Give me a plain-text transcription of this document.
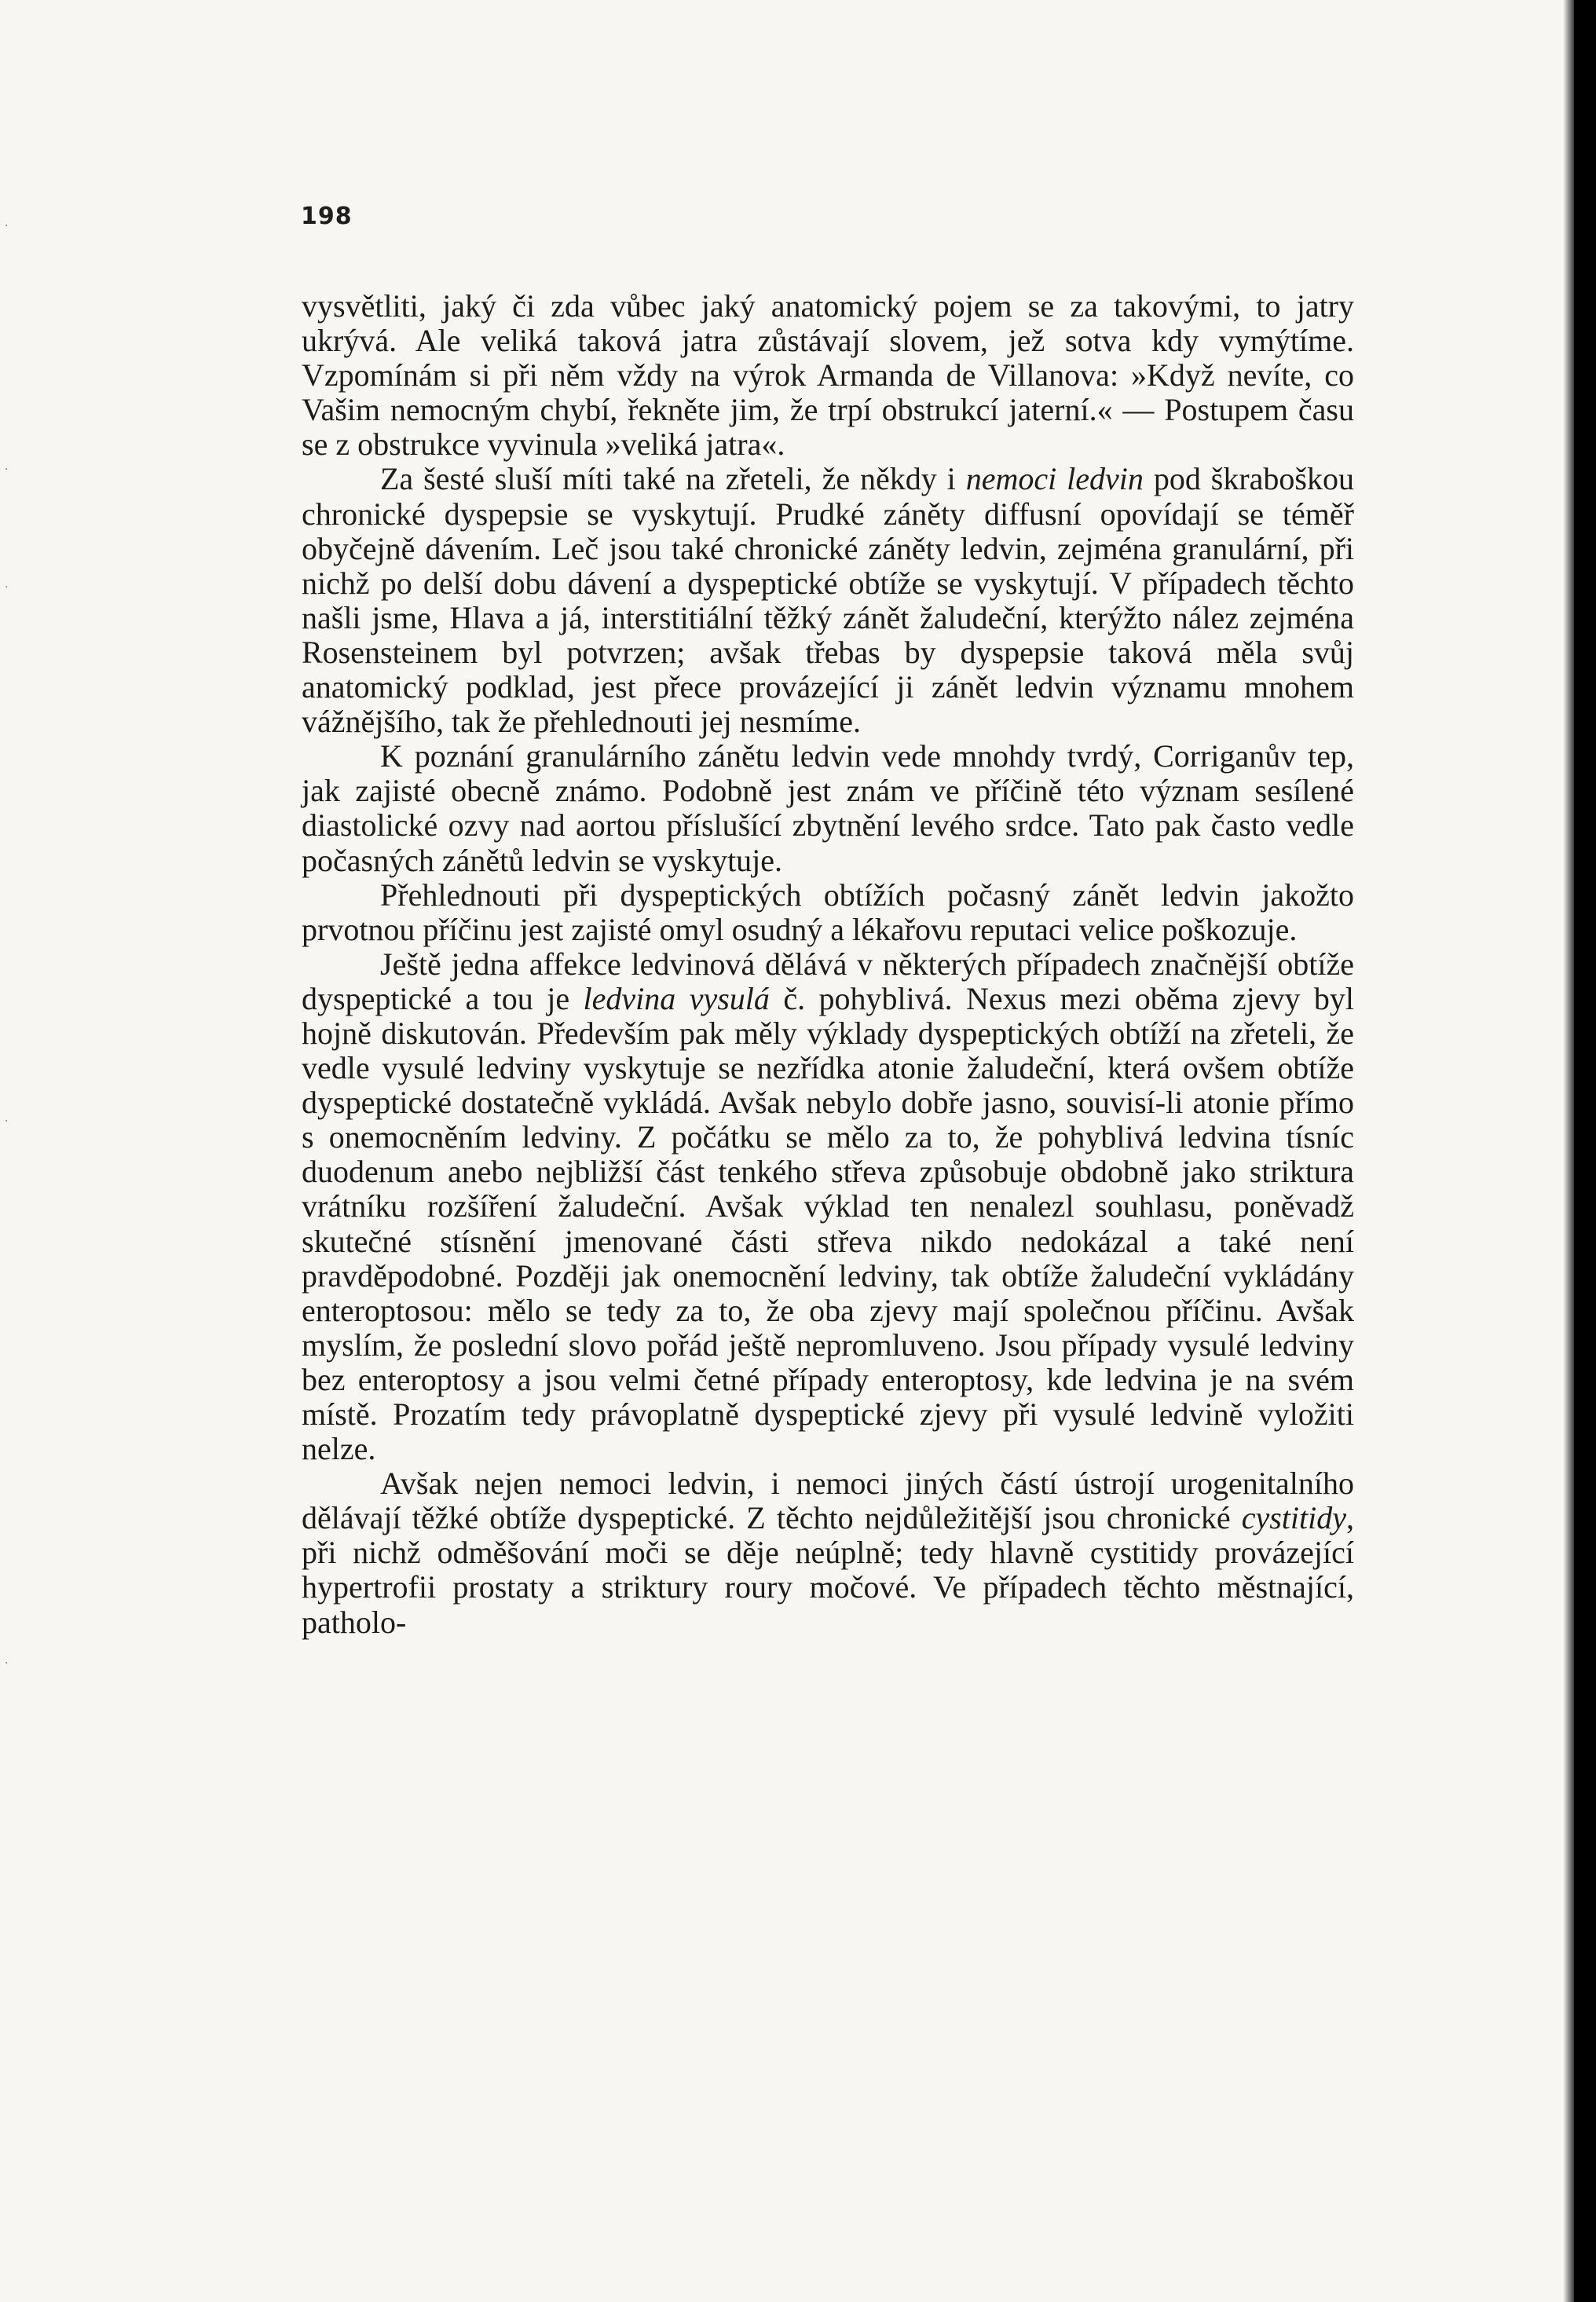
·
·
·
·
·
198

vysvětliti, jaký či zda vůbec jaký anatomický pojem se za takovými, to jatry ukrývá. Ale veliká taková jatra zůstávají slovem, jež sotva kdy vymýtíme. Vzpomínám si při něm vždy na výrok Armanda de Villanova: »Když nevíte, co Vašim nemocným chybí, řekněte jim, že trpí obstrukcí jaterní.« — Postupem času se z obstrukce vyvinula »veliká jatra«.

Za šesté sluší míti také na zřeteli, že někdy i nemoci ledvin pod škraboškou chronické dyspepsie se vyskytují. Prudké záněty diffusní opovídají se téměř obyčejně dávením. Leč jsou také chronické záněty ledvin, zejména granulární, při nichž po delší dobu dávení a dyspeptické obtíže se vyskytují. V případech těchto našli jsme, Hlava a já, interstitiální těžký zánět žaludeční, kterýžto nález zejména Rosensteinem byl potvrzen; avšak třebas by dyspepsie taková měla svůj anatomický podklad, jest přece provázející ji zánět ledvin významu mnohem vážnějšího, tak že přehlednouti jej nesmíme.

K poznání granulárního zánětu ledvin vede mnohdy tvrdý, Corriganův tep, jak zajisté obecně známo. Podobně jest znám ve příčině této význam sesílené diastolické ozvy nad aortou příslušící zbytnění levého srdce. Tato pak často vedle počasných zánětů ledvin se vyskytuje.

Přehlednouti při dyspeptických obtížích počasný zánět ledvin jakožto prvotnou příčinu jest zajisté omyl osudný a lékařovu reputaci velice poškozuje.

Ještě jedna affekce ledvinová dělává v některých případech značnější obtíže dyspeptické a tou je ledvina vysulá č. pohyblivá. Nexus mezi oběma zjevy byl hojně diskutován. Především pak měly výklady dyspeptických obtíží na zřeteli, že vedle vysulé ledviny vyskytuje se nezřídka atonie žaludeční, která ovšem obtíže dyspeptické dostatečně vykládá. Avšak nebylo dobře jasno, souvisí-li atonie přímo s onemocněním ledviny. Z počátku se mělo za to, že pohyblivá ledvina tísníc duodenum anebo nejbližší část tenkého střeva způsobuje obdobně jako striktura vrátníku rozšíření žaludeční. Avšak výklad ten nenalezl souhlasu, poněvadž skutečné stísnění jmenované části střeva nikdo nedokázal a také není pravděpodobné. Později jak onemocnění ledviny, tak obtíže žaludeční vykládány enteroptosou: mělo se tedy za to, že oba zjevy mají společnou příčinu. Avšak myslím, že poslední slovo pořád ještě nepromluveno. Jsou případy vysulé ledviny bez enteroptosy a jsou velmi četné případy enteroptosy, kde ledvina je na svém místě. Prozatím tedy právoplatně dyspeptické zjevy při vysulé ledvině vyložiti nelze.

Avšak nejen nemoci ledvin, i nemoci jiných částí ústrojí urogenitalního dělávají těžké obtíže dyspeptické. Z těchto nejdůležitější jsou chronické cystitidy, při nichž odměšování moči se děje neúplně; tedy hlavně cystitidy provázející hypertrofii prostaty a striktury roury močové. Ve případech těchto městnající, patholo-
